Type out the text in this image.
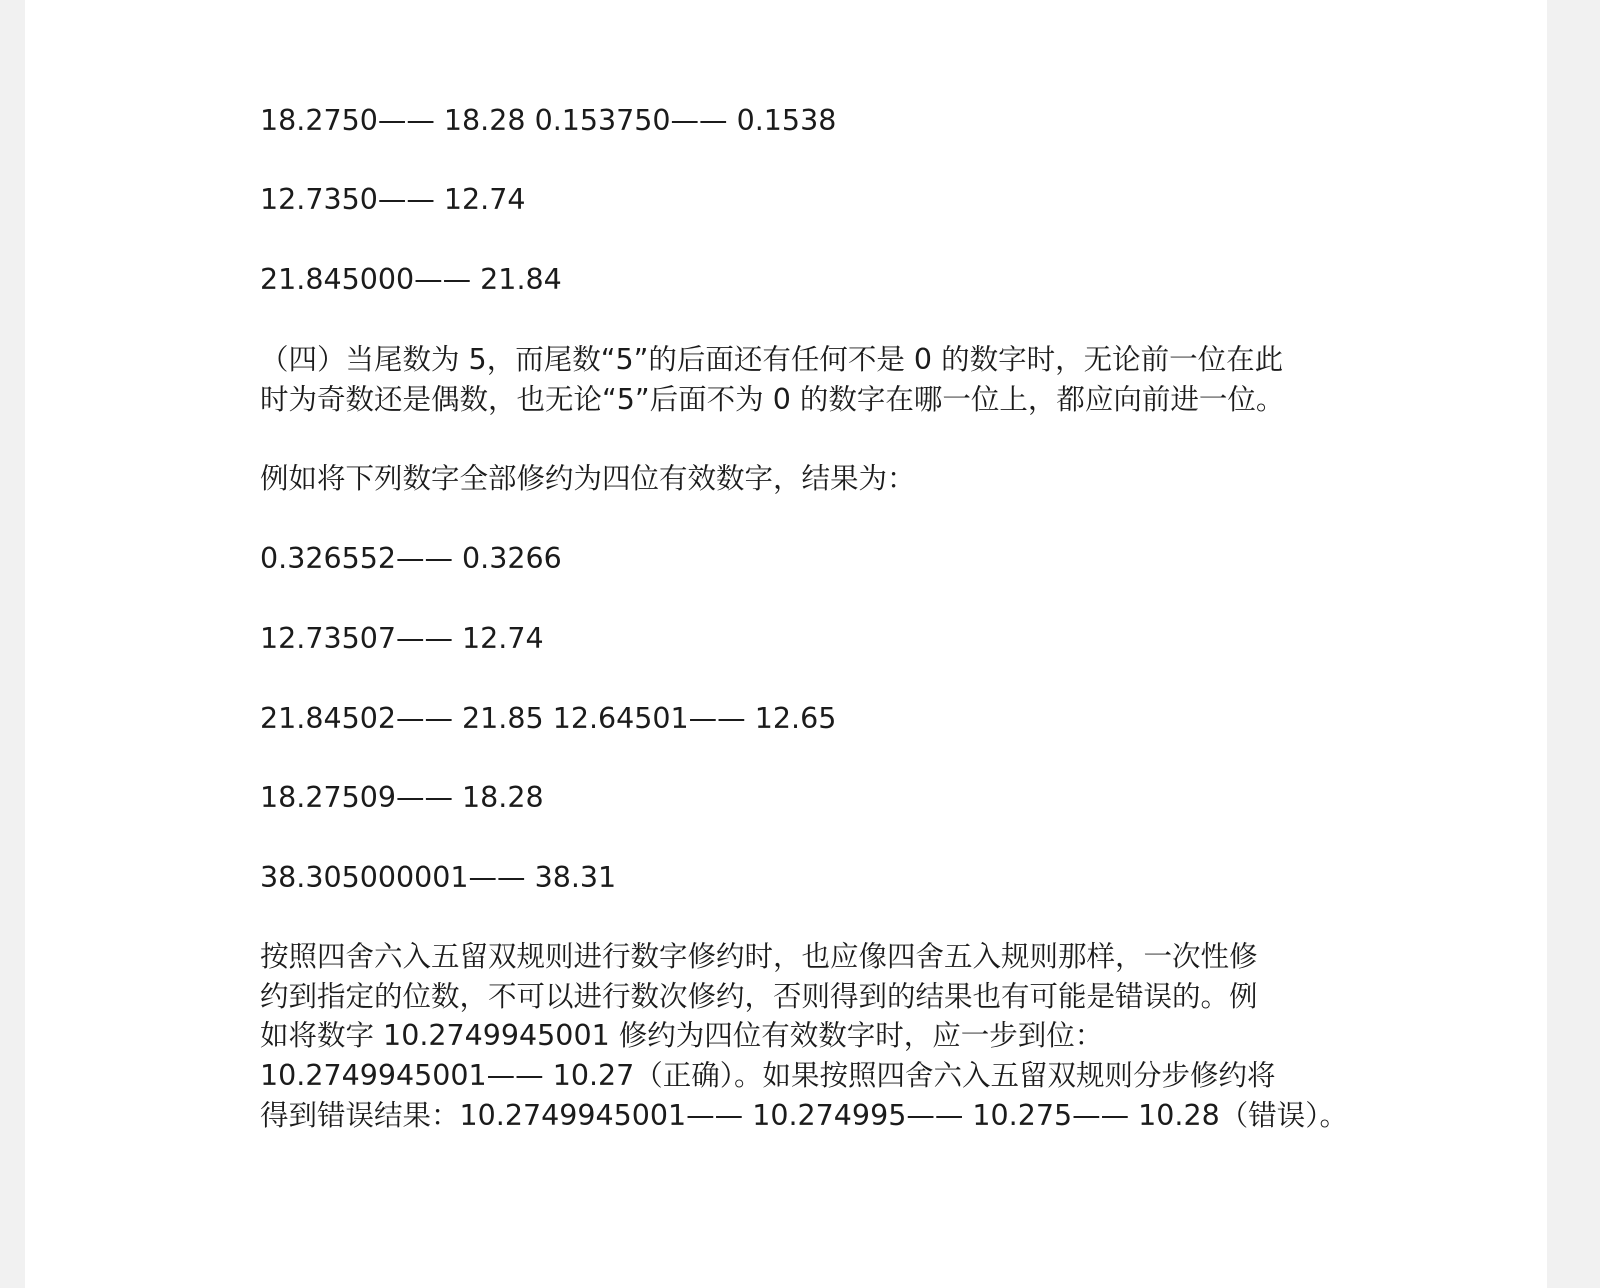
18.2750—— 18.28 0.153750—— 0.1538
12.7350—— 12.74
21.845000—— 21.84
（四）当尾数为 5，而尾数“5”的后面还有任何不是 0 的数字时，无论前一位在此
时为奇数还是偶数，也无论“5”后面不为 0 的数字在哪一位上，都应向前进一位。
例如将下列数字全部修约为四位有效数字，结果为：
0.326552—— 0.3266
12.73507—— 12.74
21.84502—— 21.85 12.64501—— 12.65
18.27509—— 18.28
38.305000001—— 38.31
按照四舍六入五留双规则进行数字修约时，也应像四舍五入规则那样，一次性修
约到指定的位数，不可以进行数次修约，否则得到的结果也有可能是错误的。例
如将数字 10.2749945001 修约为四位有效数字时，应一步到位：
10.2749945001—— 10.27（正确）。如果按照四舍六入五留双规则分步修约将
得到错误结果：10.2749945001—— 10.274995—— 10.275—— 10.28（错误）。
